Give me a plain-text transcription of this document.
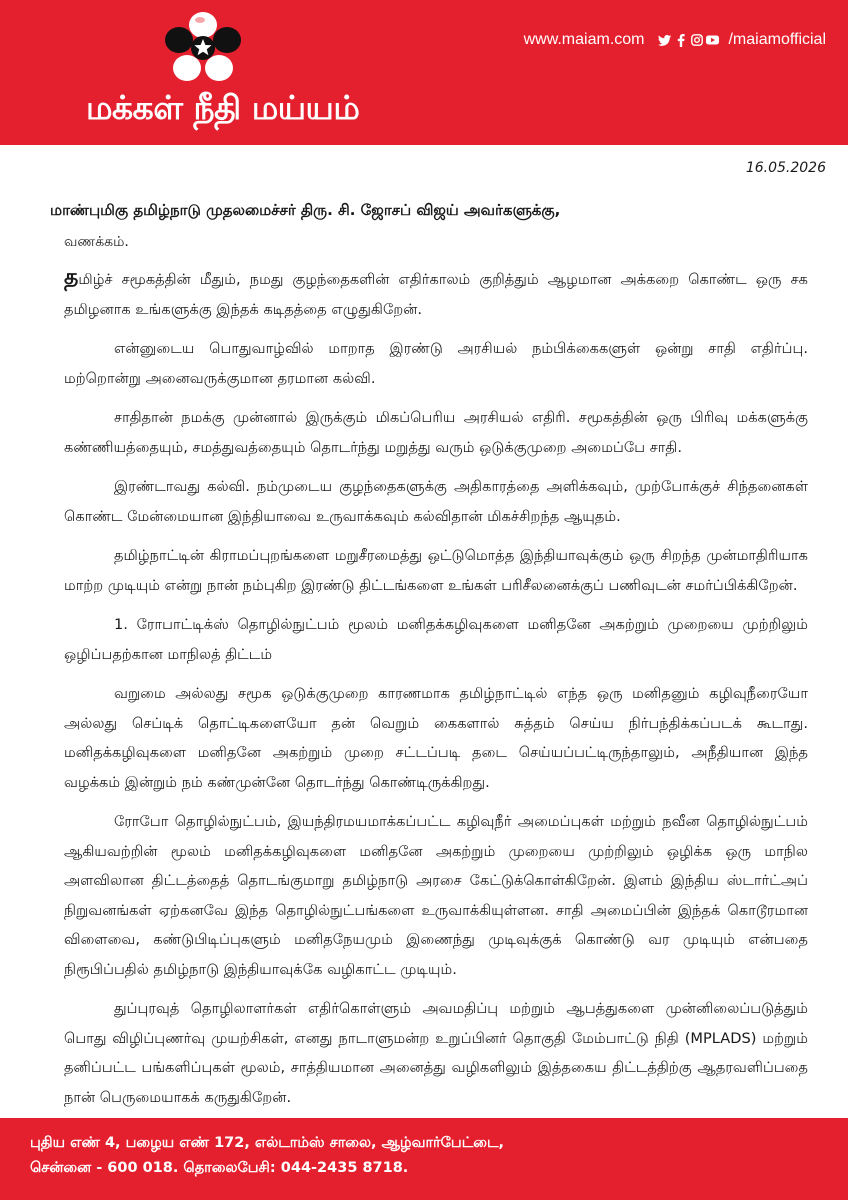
மக்கள் நீதி மய்யம்
www.maiam.com	/maiamofficial
16.05.2026

மாண்புமிகு தமிழ்நாடு முதலமைச்சர் திரு. சி. ஜோசப் விஜய் அவர்களுக்கு,

வணக்கம்.

தமிழ்ச் சமூகத்தின் மீதும், நமது குழந்தைகளின் எதிர்காலம் குறித்தும் ஆழமான அக்கறை கொண்ட ஒரு சக தமிழனாக உங்களுக்கு இந்தக் கடிதத்தை எழுதுகிறேன்.

என்னுடைய பொதுவாழ்வில் மாறாத இரண்டு அரசியல் நம்பிக்கைகளுள் ஒன்று சாதி எதிர்ப்பு. மற்றொன்று அனைவருக்குமான தரமான கல்வி.

சாதிதான் நமக்கு முன்னால் இருக்கும் மிகப்பெரிய அரசியல் எதிரி. சமூகத்தின் ஒரு பிரிவு மக்களுக்கு கண்ணியத்தையும், சமத்துவத்தையும் தொடர்ந்து மறுத்து வரும் ஒடுக்குமுறை அமைப்பே சாதி.

இரண்டாவது கல்வி. நம்முடைய குழந்தைகளுக்கு அதிகாரத்தை அளிக்கவும், முற்போக்குச் சிந்தனைகள் கொண்ட மேன்மையான இந்தியாவை உருவாக்கவும் கல்விதான் மிகச்சிறந்த ஆயுதம்.

தமிழ்நாட்டின் கிராமப்புறங்களை மறுசீரமைத்து ஒட்டுமொத்த இந்தியாவுக்கும் ஒரு சிறந்த முன்மாதிரியாக மாற்ற முடியும் என்று நான் நம்புகிற இரண்டு திட்டங்களை உங்கள் பரிசீலனைக்குப் பணிவுடன் சமர்ப்பிக்கிறேன்.

1. ரோபாட்டிக்ஸ் தொழில்நுட்பம் மூலம் மனிதக்கழிவுகளை மனிதனே அகற்றும் முறையை முற்றிலும் ஒழிப்பதற்கான மாநிலத் திட்டம்

வறுமை அல்லது சமூக ஒடுக்குமுறை காரணமாக தமிழ்நாட்டில் எந்த ஒரு மனிதனும் கழிவுநீரையோ அல்லது செப்டிக் தொட்டிகளையோ தன் வெறும் கைகளால் சுத்தம் செய்ய நிர்பந்திக்கப்படக் கூடாது. மனிதக்கழிவுகளை மனிதனே அகற்றும் முறை சட்டப்படி தடை செய்யப்பட்டிருந்தாலும், அநீதியான இந்த வழக்கம் இன்றும் நம் கண்முன்னே தொடர்ந்து கொண்டிருக்கிறது.

ரோபோ தொழில்நுட்பம், இயந்திரமயமாக்கப்பட்ட கழிவுநீர் அமைப்புகள் மற்றும் நவீன தொழில்நுட்பம் ஆகியவற்றின் மூலம் மனிதக்கழிவுகளை மனிதனே அகற்றும் முறையை முற்றிலும் ஒழிக்க ஒரு மாநில அளவிலான திட்டத்தைத் தொடங்குமாறு தமிழ்நாடு அரசை கேட்டுக்கொள்கிறேன். இளம் இந்திய ஸ்டார்ட்அப் நிறுவனங்கள் ஏற்கனவே இந்த தொழில்நுட்பங்களை உருவாக்கியுள்ளன. சாதி அமைப்பின் இந்தக் கொடூரமான விளைவை, கண்டுபிடிப்புகளும் மனிதநேயமும் இணைந்து முடிவுக்குக் கொண்டு வர முடியும் என்பதை நிரூபிப்பதில் தமிழ்நாடு இந்தியாவுக்கே வழிகாட்ட முடியும்.

துப்புரவுத் தொழிலாளர்கள் எதிர்கொள்ளும் அவமதிப்பு மற்றும் ஆபத்துகளை முன்னிலைப்படுத்தும் பொது விழிப்புணர்வு முயற்சிகள், எனது நாடாளுமன்ற உறுப்பினர் தொகுதி மேம்பாட்டு நிதி (MPLADS) மற்றும் தனிப்பட்ட பங்களிப்புகள் மூலம், சாத்தியமான அனைத்து வழிகளிலும் இத்தகைய திட்டத்திற்கு ஆதரவளிப்பதை நான் பெருமையாகக் கருதுகிறேன்.

புதிய எண் 4, பழைய எண் 172, எல்டாம்ஸ் சாலை, ஆழ்வார்பேட்டை,
சென்னை - 600 018. தொலைபேசி: 044-2435 8718.
